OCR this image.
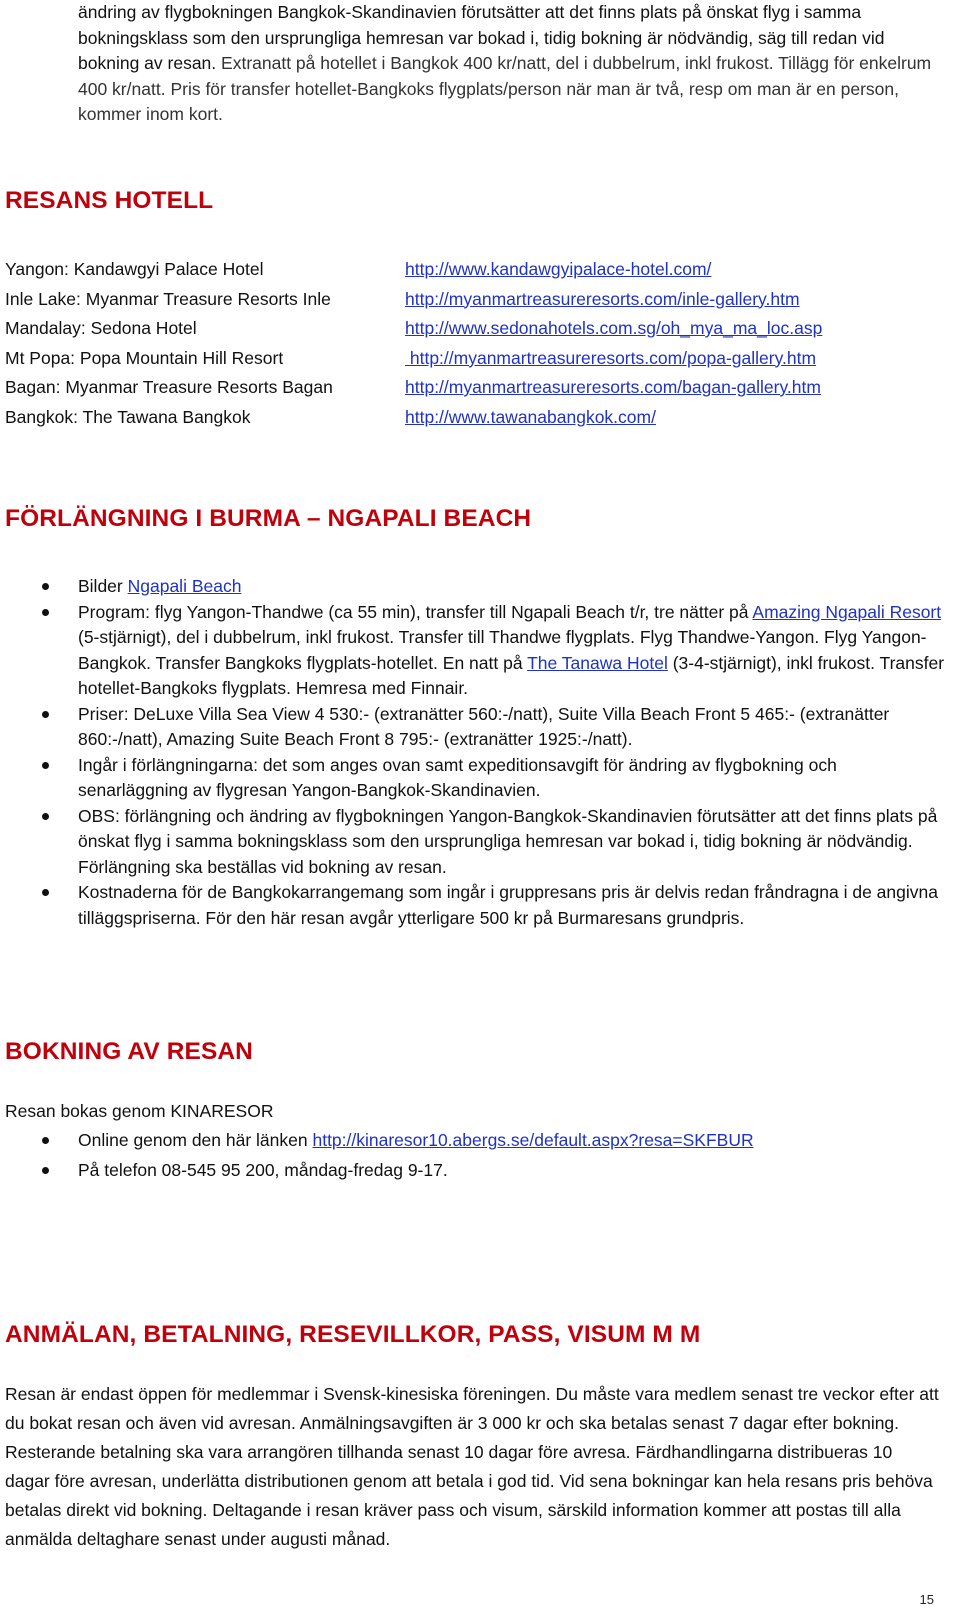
ändring av flygbokningen Bangkok-Skandinavien förutsätter att det finns plats på önskat flyg i samma bokningsklass som den ursprungliga hemresan var bokad i, tidig bokning är nödvändig, säg till redan vid bokning av resan. Extranatt på hotellet i Bangkok 400 kr/natt, del i dubbelrum, inkl frukost. Tillägg för enkelrum 400 kr/natt. Pris för transfer hotellet-Bangkoks flygplats/person när man är två, resp om man är en person, kommer inom kort.
RESANS HOTELL
Yangon: Kandawgyi Palace Hotel	http://www.kandawgyipalace-hotel.com/
Inle Lake: Myanmar Treasure Resorts Inle	http://myanmartreasureresorts.com/inle-gallery.htm
Mandalay: Sedona Hotel	http://www.sedonahotels.com.sg/oh_mya_ma_loc.asp
Mt Popa: Popa Mountain Hill Resort	http://myanmartreasureresorts.com/popa-gallery.htm
Bagan: Myanmar Treasure Resorts Bagan	http://myanmartreasureresorts.com/bagan-gallery.htm
Bangkok: The Tawana Bangkok	http://www.tawanabangkok.com/
FÖRLÄNGNING I BURMA – NGAPALI BEACH
Bilder Ngapali Beach
Program: flyg Yangon-Thandwe (ca 55 min), transfer till Ngapali Beach t/r, tre nätter på Amazing Ngapali Resort (5-stjärnigt), del i dubbelrum, inkl frukost. Transfer till Thandwe flygplats. Flyg Thandwe-Yangon. Flyg Yangon-Bangkok. Transfer Bangkoks flygplats-hotellet. En natt på The Tanawa Hotel (3-4-stjärnigt), inkl frukost. Transfer hotellet-Bangkoks flygplats. Hemresa med Finnair.
Priser: DeLuxe Villa Sea View 4 530:- (extranätter 560:-/natt), Suite Villa Beach Front 5 465:- (extranätter 860:-/natt), Amazing Suite Beach Front 8 795:- (extranätter 1925:-/natt).
Ingår i förlängningarna: det som anges ovan samt expeditionsavgift för ändring av flygbokning och senarläggning av flygresan Yangon-Bangkok-Skandinavien.
OBS: förlängning och ändring av flygbokningen Yangon-Bangkok-Skandinavien förutsätter att det finns plats på önskat flyg i samma bokningsklass som den ursprungliga hemresan var bokad i, tidig bokning är nödvändig. Förlängning ska beställas vid bokning av resan.
Kostnaderna för de Bangkokarrangemang som ingår i gruppresans pris är delvis redan fråndragna i de angivna tilläggspriserna. För den här resan avgår ytterligare 500 kr på Burmaresans grundpris.
BOKNING AV RESAN

Resan bokas genom KINARESOR

Online genom den här länken http://kinaresor10.abergs.se/default.aspx?resa=SKFBUR
På telefon 08-545 95 200, måndag-fredag 9-17.
ANMÄLAN, BETALNING, RESEVILLKOR, PASS, VISUM M M

Resan är endast öppen för medlemmar i Svensk-kinesiska föreningen. Du måste vara medlem senast tre veckor efter att du bokat resan och även vid avresan. Anmälningsavgiften är 3 000 kr och ska betalas senast 7 dagar efter bokning. Resterande betalning ska vara arrangören tillhanda senast 10 dagar före avresa. Färdhandlingarna distribueras 10 dagar före avresan, underlätta distributionen genom att betala i god tid. Vid sena bokningar kan hela resans pris behöva betalas direkt vid bokning. Deltagande i resan kräver pass och visum, särskild information kommer att postas till alla anmälda deltaghare senast under augusti månad.

15
